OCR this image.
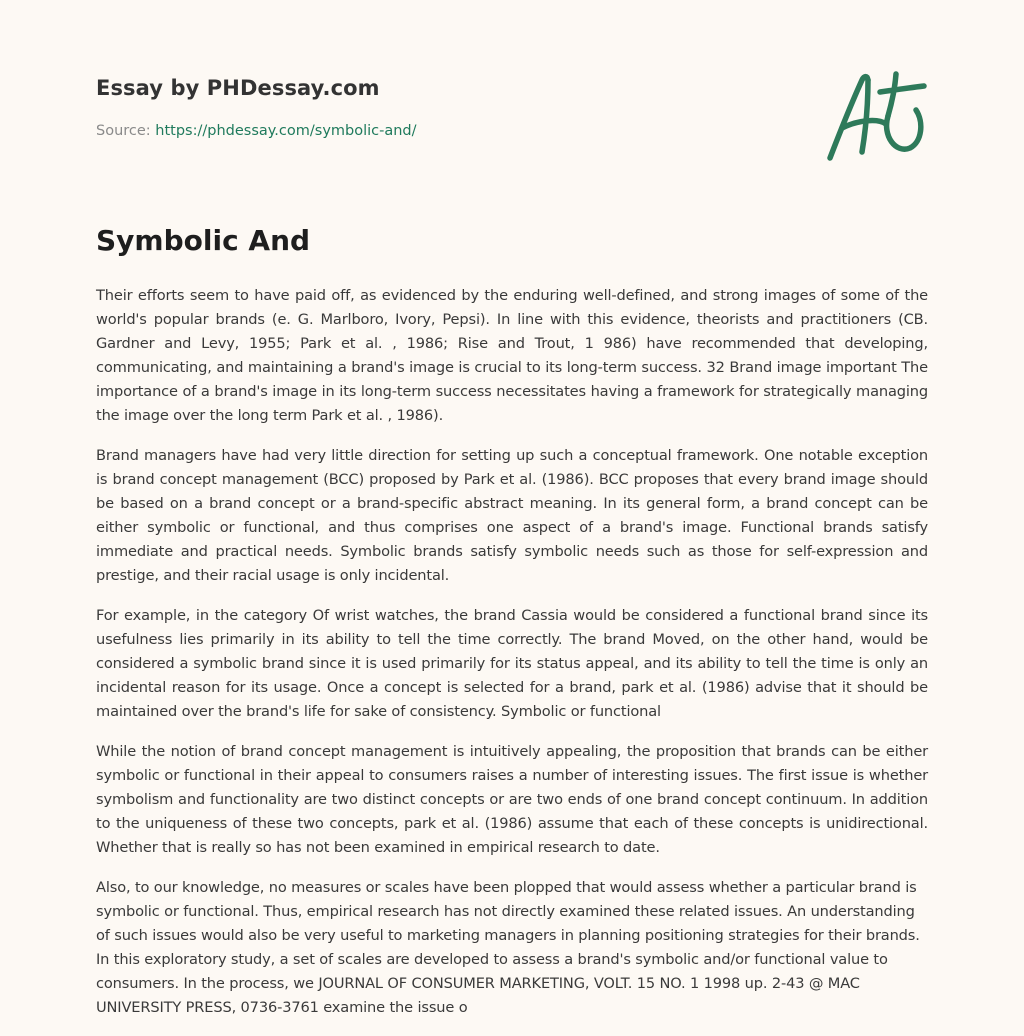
Essay by PHDessay.com
Source: https://phdessay.com/symbolic-and/
Symbolic And

Their efforts seem to have paid off, as evidenced by the enduring well-defined, and strong images of some of the world's popular brands (e. G. Marlboro, Ivory, Pepsi). In line with this evidence, theorists and practitioners (CB. Gardner and Levy, 1955; Park et al. , 1986; Rise and Trout, 1 986) have recommended that developing, communicating, and maintaining a brand's image is crucial to its long-term success. 32 Brand image important The importance of a brand's image in its long-term success necessitates having a framework for strategically managing the image over the long term Park et al. , 1986).

Brand managers have had very little direction for setting up such a conceptual framework. One notable exception is brand concept management (BCC) proposed by Park et al. (1986). BCC proposes that every brand image should be based on a brand concept or a brand-specific abstract meaning. In its general form, a brand concept can be either symbolic or functional, and thus comprises one aspect of a brand's image. Functional brands satisfy immediate and practical needs. Symbolic brands satisfy symbolic needs such as those for self-expression and prestige, and their racial usage is only incidental.

For example, in the category Of wrist watches, the brand Cassia would be considered a functional brand since its usefulness lies primarily in its ability to tell the time correctly. The brand Moved, on the other hand, would be considered a symbolic brand since it is used primarily for its status appeal, and its ability to tell the time is only an incidental reason for its usage. Once a concept is selected for a brand, park et al. (1986) advise that it should be maintained over the brand's life for sake of consistency. Symbolic or functional

While the notion of brand concept management is intuitively appealing, the proposition that brands can be either symbolic or functional in their appeal to consumers raises a number of interesting issues. The first issue is whether symbolism and functionality are two distinct concepts or are two ends of one brand concept continuum. In addition to the uniqueness of these two concepts, park et al. (1986) assume that each of these concepts is unidirectional. Whether that is really so has not been examined in empirical research to date.

Also, to our knowledge, no measures or scales have been plopped that would assess whether a particular brand is symbolic or functional. Thus, empirical research has not directly examined these related issues. An understanding of such issues would also be very useful to marketing managers in planning positioning strategies for their brands. In this exploratory study, a set of scales are developed to assess a brand's symbolic and/or functional value to consumers. In the process, we JOURNAL OF CONSUMER MARKETING, VOLT. 15 NO. 1 1998 up. 2-43 @ MAC UNIVERSITY PRESS, 0736-3761 examine the issue o
